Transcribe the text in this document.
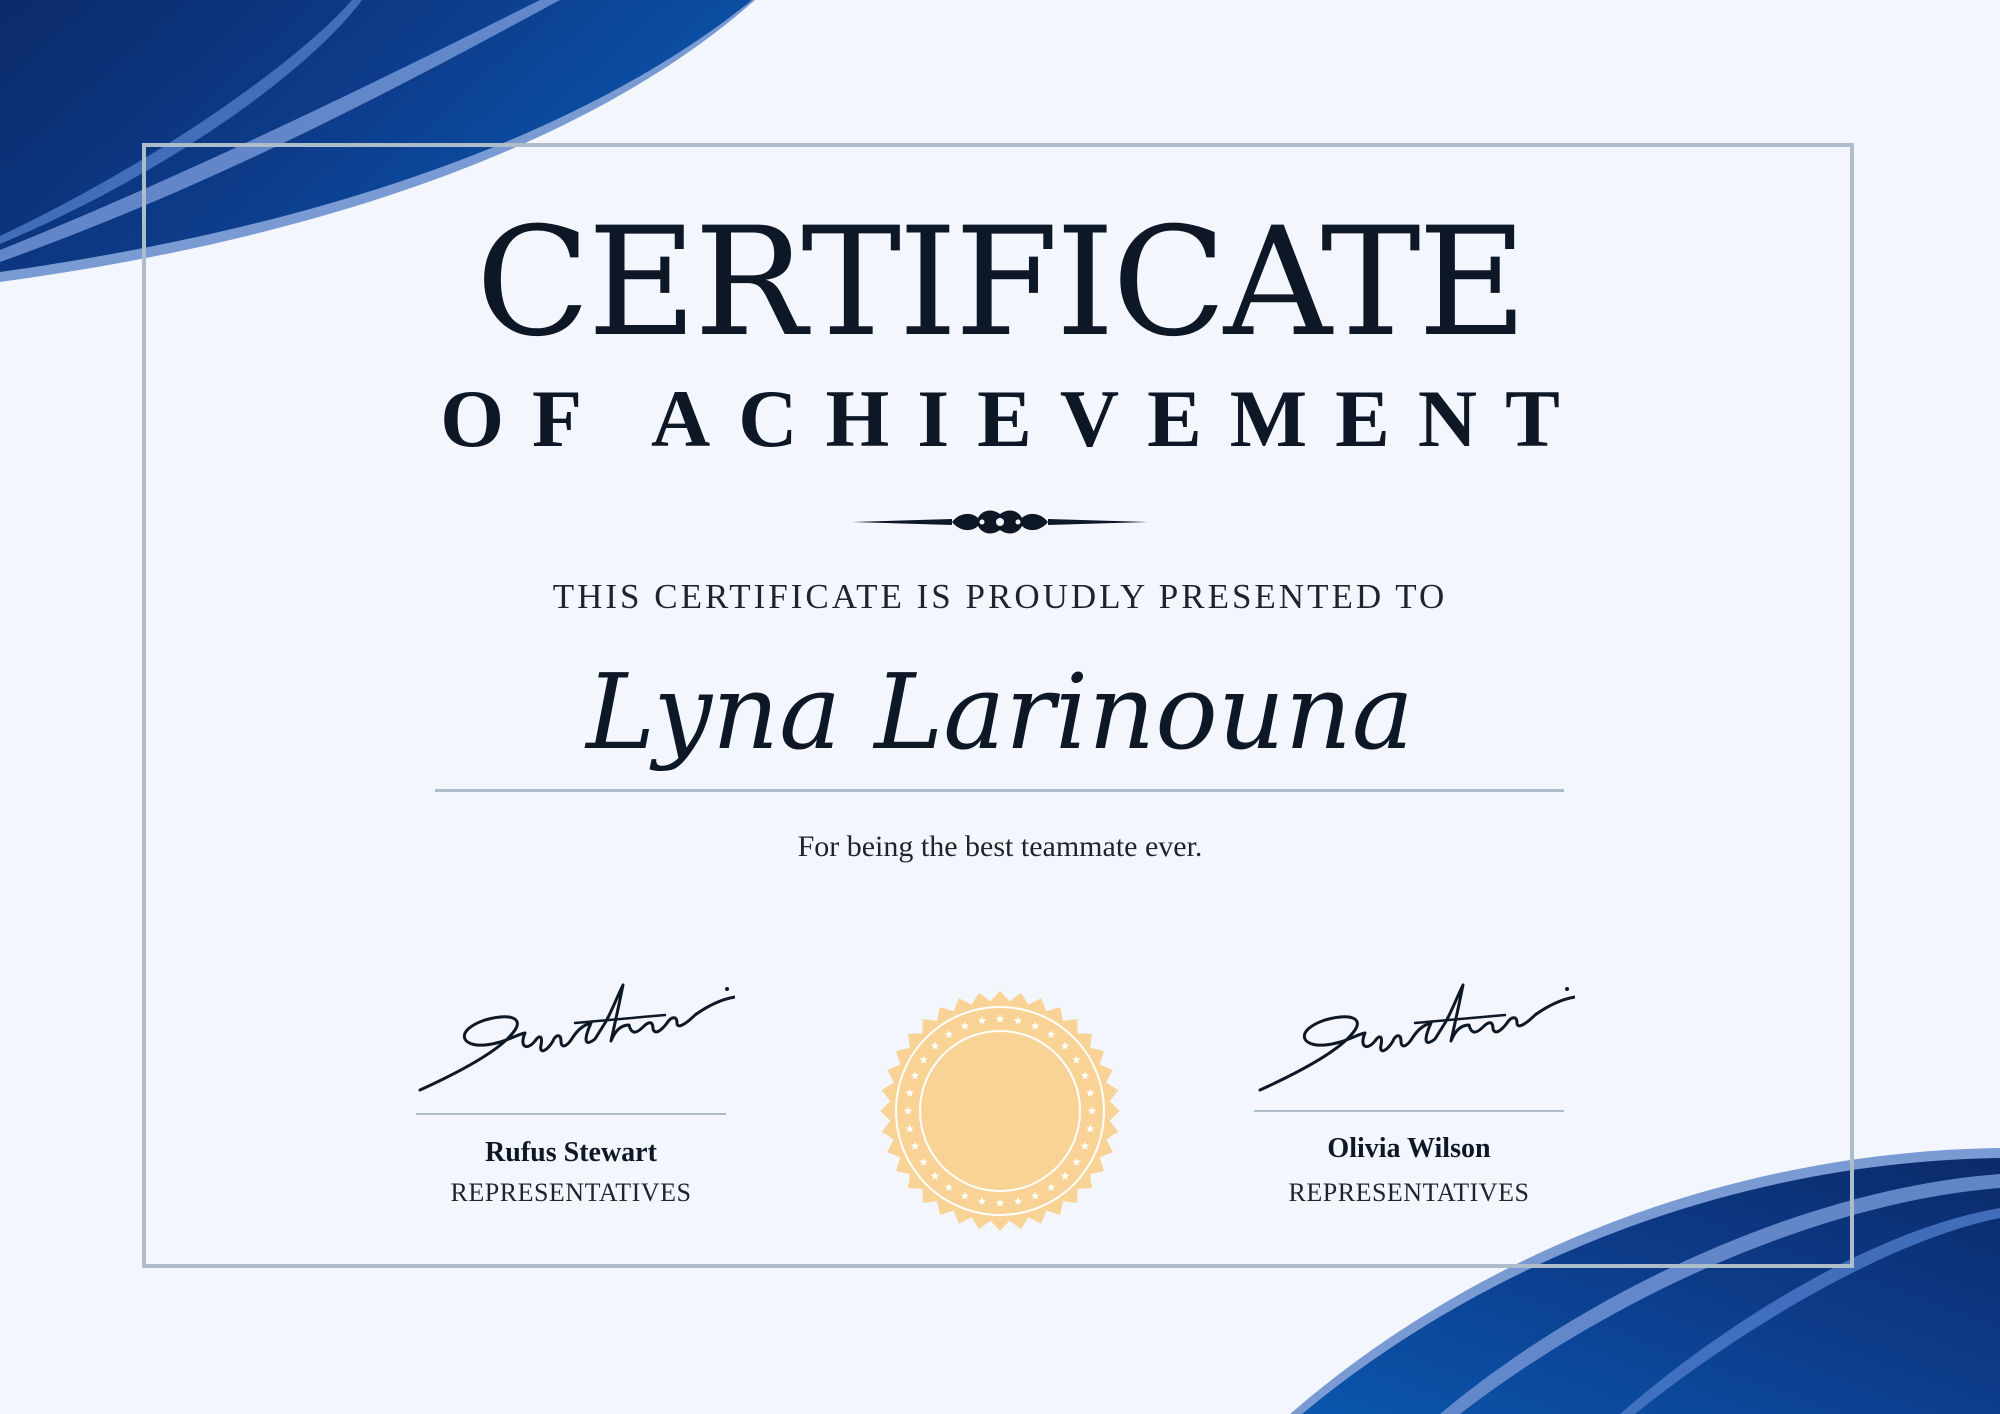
CERTIFICATE
OF ACHIEVEMENT
THIS CERTIFICATE IS PROUDLY PRESENTED TO
Lyna Larinouna
For being the best teammate ever.
Rufus Stewart
REPRESENTATIVES
Olivia Wilson
REPRESENTATIVES
